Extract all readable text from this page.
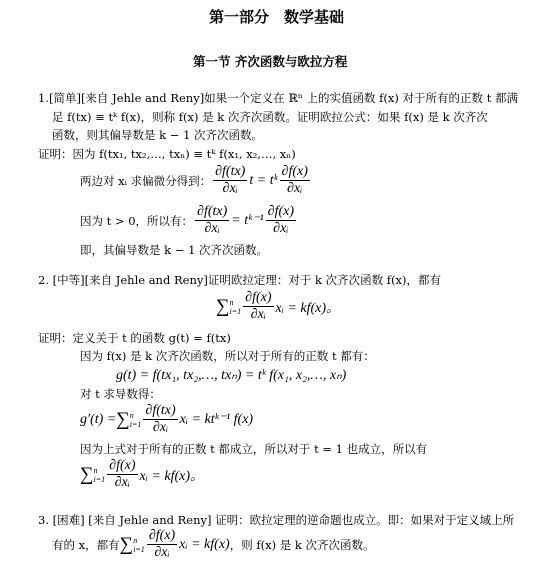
第一部分　数学基础
第一节 齐次函数与欧拉方程
1.[简单][来自 Jehle and Reny]如果一个定义在 ℝⁿ 上的实值函数 f(x) 对于所有的正数 t 都满
足 f(tx) ≡ tᵏ f(x)，则称 f(x) 是 k 次齐次函数。证明欧拉公式：如果 f(x) 是 k 次齐次
函数，则其偏导数是 k − 1 次齐次函数。
证明：因为 f(tx₁, tx₂,…, txₙ) ≡ tᵏ f(x₁, x₂,…, xₙ)
两边对 xᵢ 求偏微分得到： $\frac{\partial f(tx)}{\text{∂xᵢ}}$ t = tᵏ $\frac{\partial f(x)}{\text{∂xᵢ}}$
因为 t > 0，所以有： $\frac{\partial f(tx)}{\text{∂xᵢ}}$ = tᵏ⁻¹ $\frac{\partial f(x)}{\text{∂xᵢ}}$
即，其偏导数是 k − 1 次齐次函数。
2. [中等][来自 Jehle and Reny]证明欧拉定理：对于 k 次齐次函数 f(x)，都有
∑ n
$i=1 \frac{\partial f(x)}{\text{∂xᵢ}}$ xᵢ = kf(x)。
证明：定义关于 t 的函数 g(t) = f(tx)
因为 f(x) 是 k 次齐次函数，所以对于所有的正数 t 都有：
g(t) = f(tx₁, tx₂,…, txₙ) = tᵏ f(x₁, x₂,…, xₙ)
对 t 求导数得：
g′(t) = ∑ n
$i=1 \frac{\partial f(tx)}{\text{∂xᵢ}}$ xᵢ = ktᵏ⁻¹ f(x)
因为上式对于所有的正数 t 都成立，所以对于 t = 1 也成立，所以有
∑ n
$i=1 \frac{\partial f(x)}{\text{∂xᵢ}}$ xᵢ = kf(x)。
3. [困难] [来自 Jehle and Reny] 证明：欧拉定理的逆命题也成立。即：如果对于定义域上所
有的 x，都有 ∑ n
$i=1 \frac{\partial f(x)}{\text{∂xᵢ}}$ xᵢ = kf(x) ，则 f(x) 是 k 次齐次函数。
